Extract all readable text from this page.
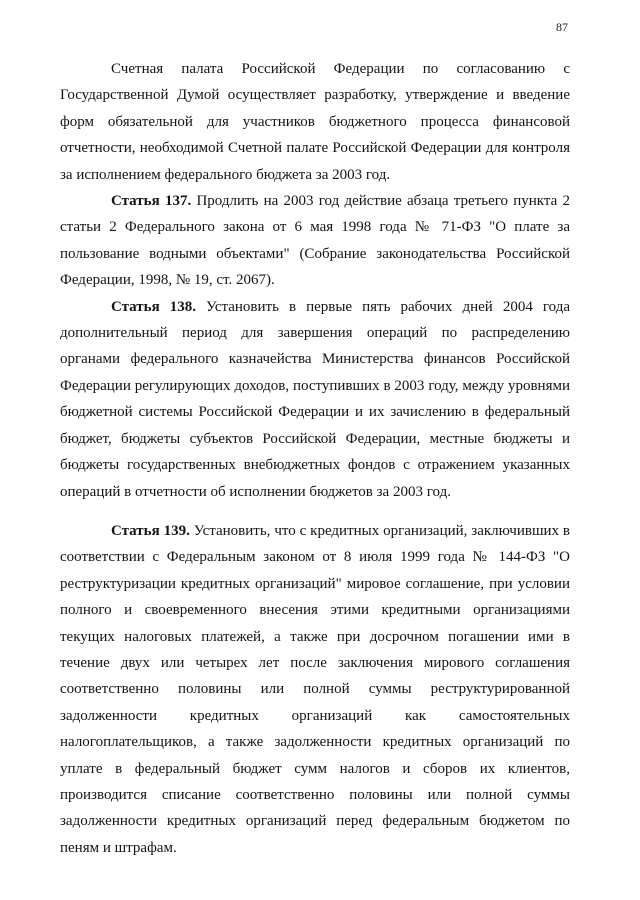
87

Счетная палата Российской Федерации по согласованию с Государственной Думой осуществляет разработку, утверждение и введение форм обязательной для участников бюджетного процесса финансовой отчетности, необходимой Счетной палате Российской Федерации для контроля за исполнением федерального бюджета за 2003 год.

Статья 137. Продлить на 2003 год действие абзаца третьего пункта 2 статьи 2 Федерального закона от 6 мая 1998 года № 71-ФЗ "О плате за пользование водными объектами" (Собрание законодательства Российской Федерации, 1998, № 19, ст. 2067).

Статья 138. Установить в первые пять рабочих дней 2004 года дополнительный период для завершения операций по распределению органами федерального казначейства Министерства финансов Российской Федерации регулирующих доходов, поступивших в 2003 году, между уровнями бюджетной системы Российской Федерации и их зачислению в федеральный бюджет, бюджеты субъектов Российской Федерации, местные бюджеты и бюджеты государственных внебюджетных фондов с отражением указанных операций в отчетности об исполнении бюджетов за 2003 год.

Статья 139. Установить, что с кредитных организаций, заключивших в соответствии с Федеральным законом от 8 июля 1999 года № 144-ФЗ "О реструктуризации кредитных организаций" мировое соглашение, при условии полного и своевременного внесения этими кредитными организациями текущих налоговых платежей, а также при досрочном погашении ими в течение двух или четырех лет после заключения мирового соглашения соответственно половины или полной суммы реструктурированной задолженности кредитных организаций как самостоятельных налогоплательщиков, а также задолженности кредитных организаций по уплате в федеральный бюджет сумм налогов и сборов их клиентов, производится списание соответственно половины или полной суммы задолженности кредитных организаций перед федеральным бюджетом по пеням и штрафам.
